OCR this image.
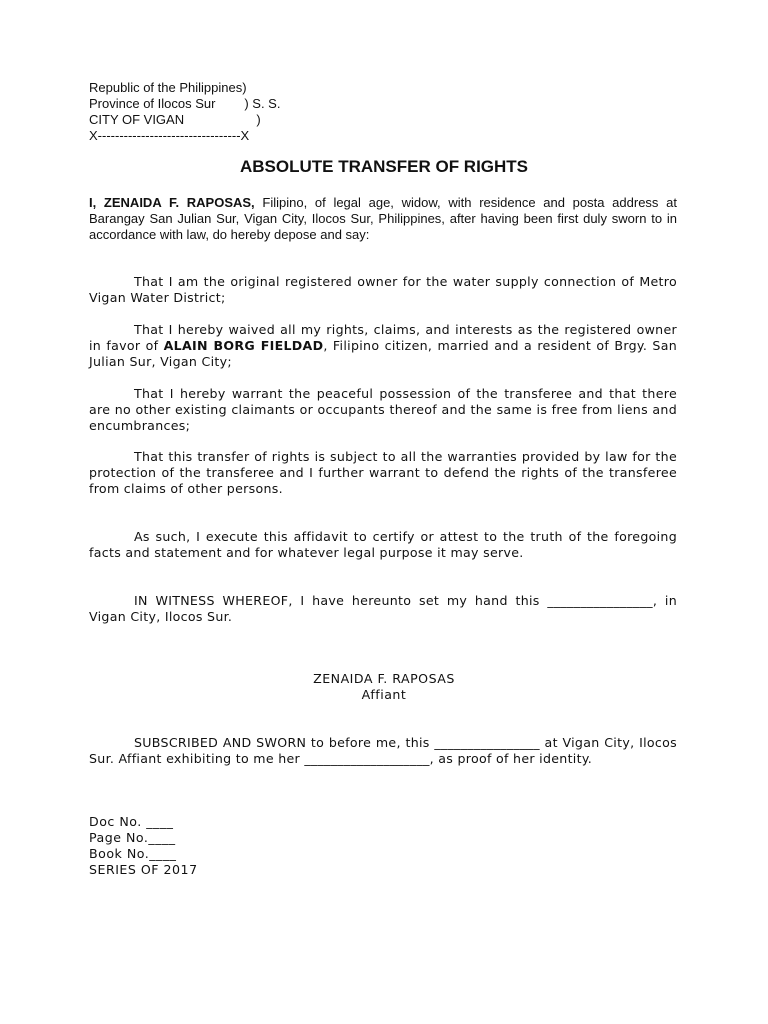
Republic of the Philippines)
Province of Ilocos Sur        ) S. S.
CITY OF VIGAN                    )
X---------------------------------X
ABSOLUTE TRANSFER OF RIGHTS
I, ZENAIDA F. RAPOSAS, Filipino, of legal age, widow, with residence and posta address at Barangay San Julian Sur, Vigan City, Ilocos Sur, Philippines, after having been first duly sworn to in accordance with law, do hereby depose and say:

That I am the original registered owner for the water supply connection of Metro Vigan Water District;

That I hereby waived all my rights, claims, and interests as the registered owner in favor of ALAIN BORG FIELDAD, Filipino citizen, married and a resident of Brgy. San Julian Sur, Vigan City;

That I hereby warrant the peaceful possession of the transferee and that there are no other existing claimants or occupants thereof and the same is free from liens and encumbrances;

That this transfer of rights is subject to all the warranties provided by law for the protection of the transferee and I further warrant to defend the rights of the transferee from claims of other persons.

As such, I execute this affidavit to certify or attest to the truth of the foregoing facts and statement and for whatever legal purpose it may serve.

IN WITNESS WHEREOF, I have hereunto set my hand this ________________, in Vigan City, Ilocos Sur.

ZENAIDA F. RAPOSAS
Affiant

SUBSCRIBED AND SWORN to before me, this ________________ at Vigan City, Ilocos Sur. Affiant exhibiting to me her ___________________, as proof of her identity.

Doc No. ____
Page No.____
Book No.____
SERIES OF 2017
